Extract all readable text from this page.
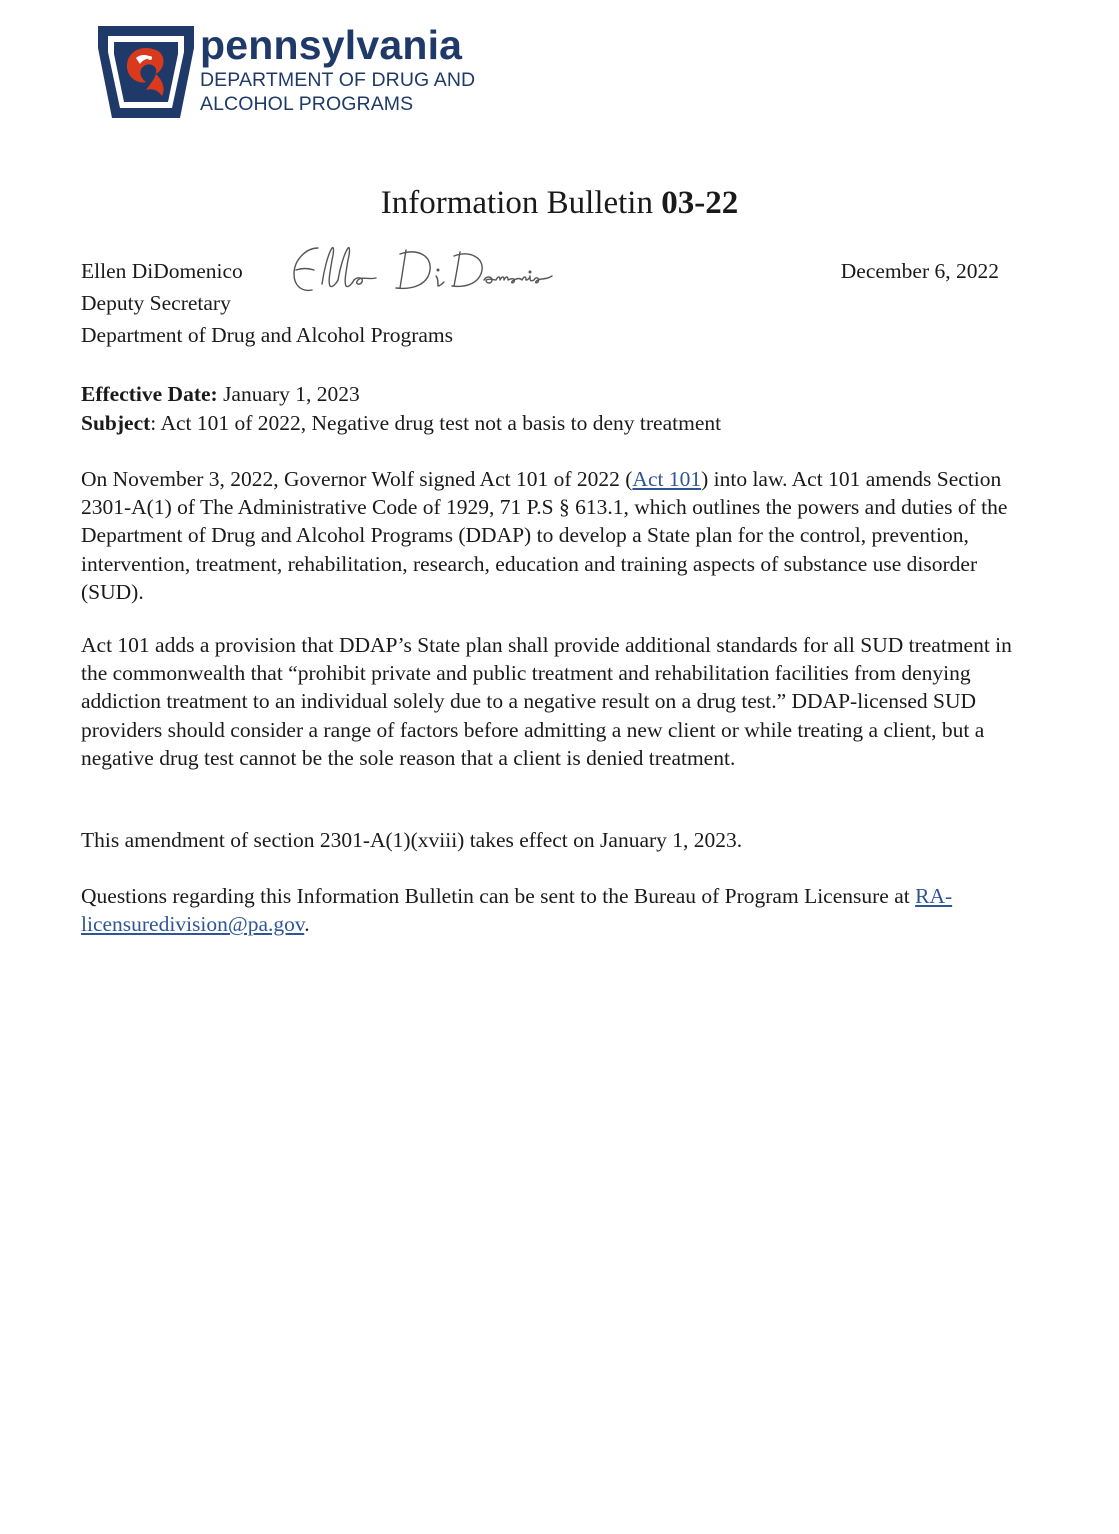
pennsylvania
DEPARTMENT OF DRUG AND
ALCOHOL PROGRAMS
Information Bulletin 03-22
Ellen DiDomenico
Deputy Secretary
Department of Drug and Alcohol Programs
December 6, 2022
Effective Date: January 1, 2023
Subject: Act 101 of 2022, Negative drug test not a basis to deny treatment

On November 3, 2022, Governor Wolf signed Act 101 of 2022 (Act 101) into law. Act 101 amends Section 2301-A(1) of The Administrative Code of 1929, 71 P.S § 613.1, which outlines the powers and duties of the Department of Drug and Alcohol Programs (DDAP) to develop a State plan for the control, prevention, intervention, treatment, rehabilitation, research, education and training aspects of substance use disorder (SUD).

Act 101 adds a provision that DDAP’s State plan shall provide additional standards for all SUD treatment in the commonwealth that “prohibit private and public treatment and rehabilitation facilities from denying addiction treatment to an individual solely due to a negative result on a drug test.” DDAP-licensed SUD providers should consider a range of factors before admitting a new client or while treating a client, but a negative drug test cannot be the sole reason that a client is denied treatment.

This amendment of section 2301-A(1)(xviii) takes effect on January 1, 2023.

Questions regarding this Information Bulletin can be sent to the Bureau of Program Licensure at RA-licensuredivision@pa.gov.
